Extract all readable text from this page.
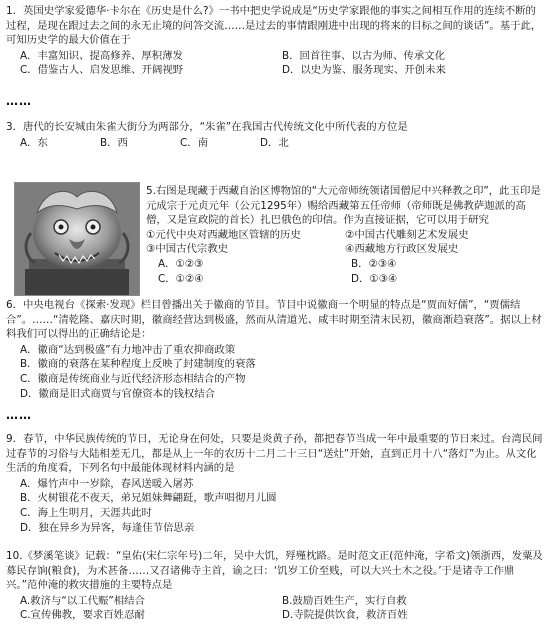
1．英国史学家爱德华·卡尔在《历史是什么?》一书中把史学说成是“历史学家跟他的事实之间相互作用的连续不断的过程，是现在跟过去之间的永无止境的问答交流……是过去的事情跟刚进中出现的将来的目标之间的谈话”。基于此，可知历史学的最大价值在于

A．丰富知识、提高修养、厚积薄发	B．回首往事、以古为师、传承文化
C．借鉴古人、启发思维、开阔视野	D．以史为鉴、服务现实、开创未来
……

3．唐代的长安城由朱雀大街分为两部分，“朱雀”在我国古代传统文化中所代表的方位是

A．东	B．西	C．南	D．北

5.右图是现藏于西藏自治区博物馆的“大元帝师统领诸国僧尼中兴释教之印”，此玉印是元成宗于元贞元年（公元1295年）赐给西藏第五任帝师（帝师既是佛教萨迦派的高僧，又是宣政院的首长）扎巴俄色的印信。作为直接证据，它可以用于研究

①元代中央对西藏地区管辖的历史	②中国古代雕刻艺术发展史
③中国古代宗教史	④西藏地方行政区发展史
A．①②③	B．②③④
C．①②④	D．①③④

6．中央电视台《探索·发现》栏目曾播出关于徽商的节目。节目中说徽商一个明显的特点是“贾而好儒”，“贾儒结合”。……“清乾隆、嘉庆时期，徽商经营达到极盛，然而从清道光、咸丰时期至清末民初，徽商渐趋衰落”。据以上材料我们可以得出的正确结论是：

A．徽商“达到极盛”有力地冲击了重农抑商政策
B．徽商的衰落在某种程度上反映了封建制度的衰落
C．徽商是传统商业与近代经济形态相结合的产物
D．徽商是旧式商贾与官僚资本的钱权结合
……

9．春节，中华民族传统的节日，无论身在何处，只要是炎黄子孙，都把春节当成一年中最重要的节日来过。台湾民间过春节的习俗与大陆相差无几，都是从上一年的农历十二月二十三日“送灶”开始，直到正月十八“落灯”为止。从文化生活的角度看，下列名句中最能体现材料内涵的是

A．爆竹声中一岁除，春风送暖入屠苏
B．火树银花不夜天，弟兄姐妹舞翩跹，歌声唱彻月儿圆
C．海上生明月，天涯共此时
D．独在异乡为异客，每逢佳节倍思亲

10.《梦溪笔谈》记载：“皇佑(宋仁宗年号)二年，吴中大饥，殍殣枕路。是时范文正(范仲淹，字希文)领浙西，发粟及募民存饷(粮食)，为术甚备……又召诸佛寺主首，谕之曰：‘饥岁工价至贱，可以大兴土木之役。’于是诸寺工作鼎兴。”范仲淹的救灾措施的主要特点是

A.救济与“以工代赈”相结合	B.鼓励百姓生产，实行自救
C.宣传佛教，要求百姓忍耐	D.寺院提供饮食，救济百姓
